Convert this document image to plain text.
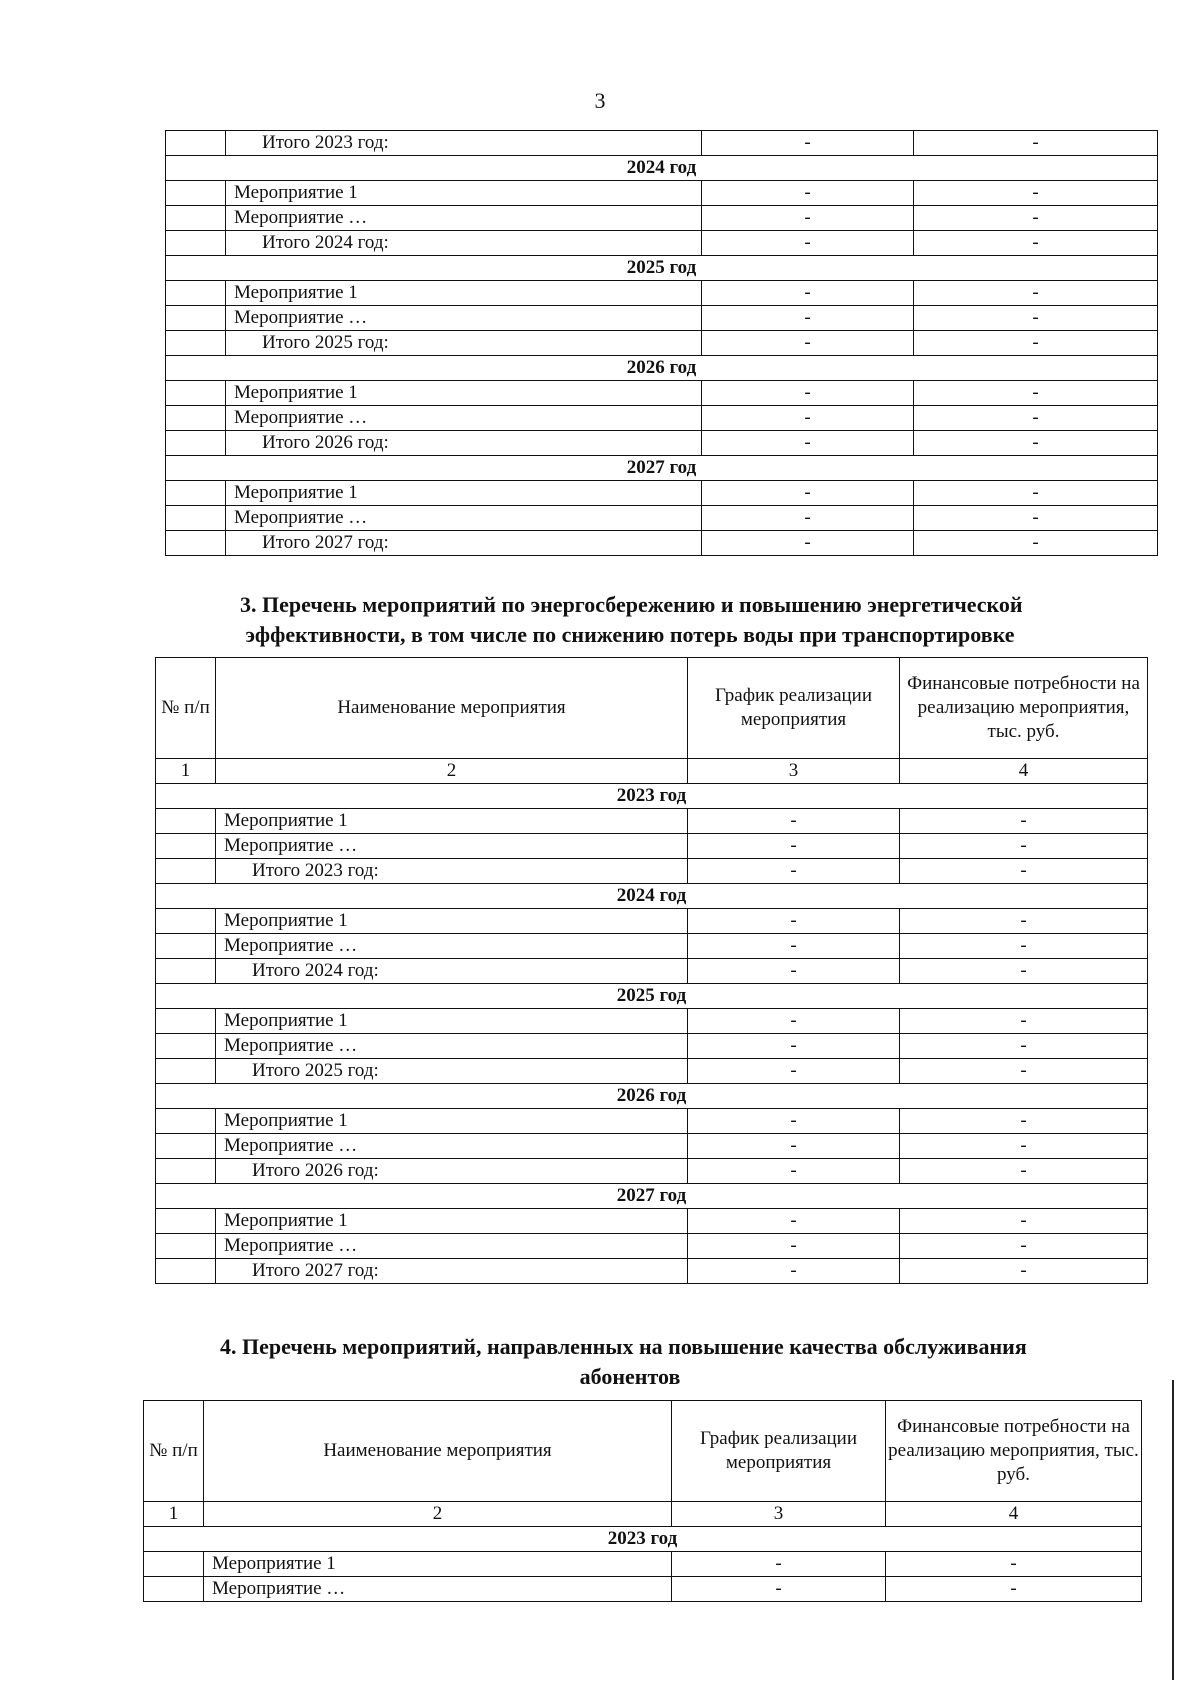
3
	Итого 2023 год:	-	-
2024 год			
	Мероприятие 1	-	-
	Мероприятие …	-	-
	Итого 2024 год:	-	-
2025 год			
	Мероприятие 1	-	-
	Мероприятие …	-	-
	Итого 2025 год:	-	-
2026 год			
	Мероприятие 1	-	-
	Мероприятие …	-	-
	Итого 2026 год:	-	-
2027 год			
	Мероприятие 1	-	-
	Мероприятие …	-	-
	Итого 2027 год:	-	-
3. Перечень мероприятий по энергосбережению и повышению энергетической
эффективности, в том числе по снижению потерь воды при транспортировке
№ п/п	Наименование мероприятия	График реализации мероприятия	Финансовые потребности на реализацию мероприятия, тыс. руб.
1	2	3	4
2023 год			
	Мероприятие 1	-	-
	Мероприятие …	-	-
	Итого 2023 год:	-	-
2024 год			
	Мероприятие 1	-	-
	Мероприятие …	-	-
	Итого 2024 год:	-	-
2025 год			
	Мероприятие 1	-	-
	Мероприятие …	-	-
	Итого 2025 год:	-	-
2026 год			
	Мероприятие 1	-	-
	Мероприятие …	-	-
	Итого 2026 год:	-	-
2027 год			
	Мероприятие 1	-	-
	Мероприятие …	-	-
	Итого 2027 год:	-	-
4. Перечень мероприятий, направленных на повышение качества обслуживания
абонентов
№ п/п	Наименование мероприятия	График реализации мероприятия	Финансовые потребности на реализацию мероприятия, тыс. руб.
1	2	3	4
2023 год			
	Мероприятие 1	-	-
	Мероприятие …	-	-
